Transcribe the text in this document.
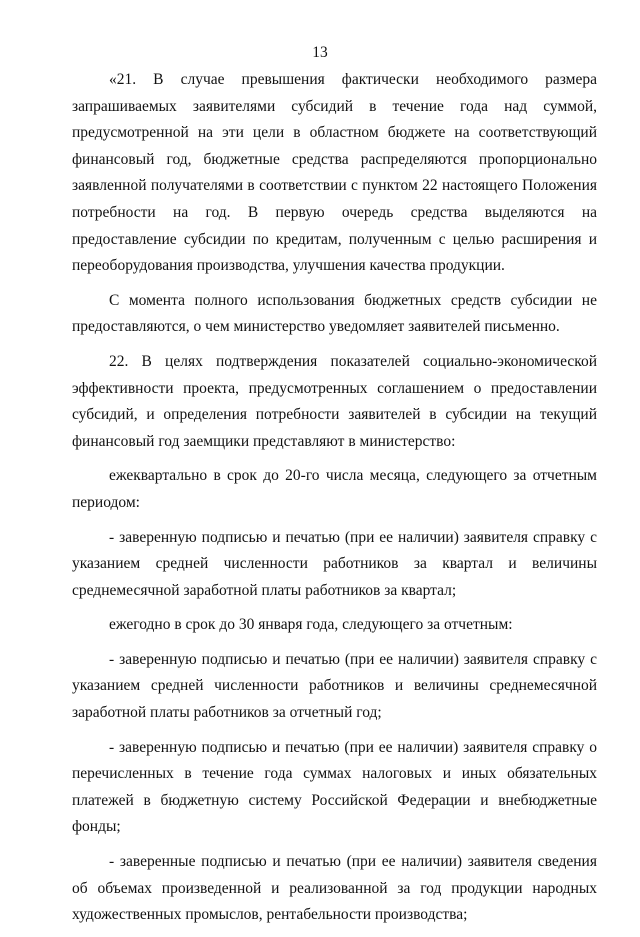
13

«21. В случае превышения фактически необходимого размера запрашиваемых заявителями субсидий в течение года над суммой, предусмотренной на эти цели в областном бюджете на соответствующий финансовый год, бюджетные средства распределяются пропорционально заявленной получателями в соответствии с пунктом 22 настоящего Положения потребности на год. В первую очередь средства выделяются на предоставление субсидии по кредитам, полученным с целью расширения и переоборудования производства, улучшения качества продукции.

С момента полного использования бюджетных средств субсидии не предоставляются, о чем министерство уведомляет заявителей письменно.

22. В целях подтверждения показателей социально-экономической эффективности проекта, предусмотренных соглашением о предоставлении субсидий, и определения потребности заявителей в субсидии на текущий финансовый год заемщики представляют в министерство:

ежеквартально в срок до 20-го числа месяца, следующего за отчетным периодом:

- заверенную подписью и печатью (при ее наличии) заявителя справку с указанием средней численности работников за квартал и величины среднемесячной заработной платы работников за квартал;

ежегодно в срок до 30 января года, следующего за отчетным:

- заверенную подписью и печатью (при ее наличии) заявителя справку с указанием средней численности работников и величины среднемесячной заработной платы работников за отчетный год;

- заверенную подписью и печатью (при ее наличии) заявителя справку о перечисленных в течение года суммах налоговых и иных обязательных платежей в бюджетную систему Российской Федерации и внебюджетные фонды;

- заверенные подписью и печатью (при ее наличии) заявителя сведения об объемах произведенной и реализованной за год продукции народных художественных промыслов, рентабельности производства;
